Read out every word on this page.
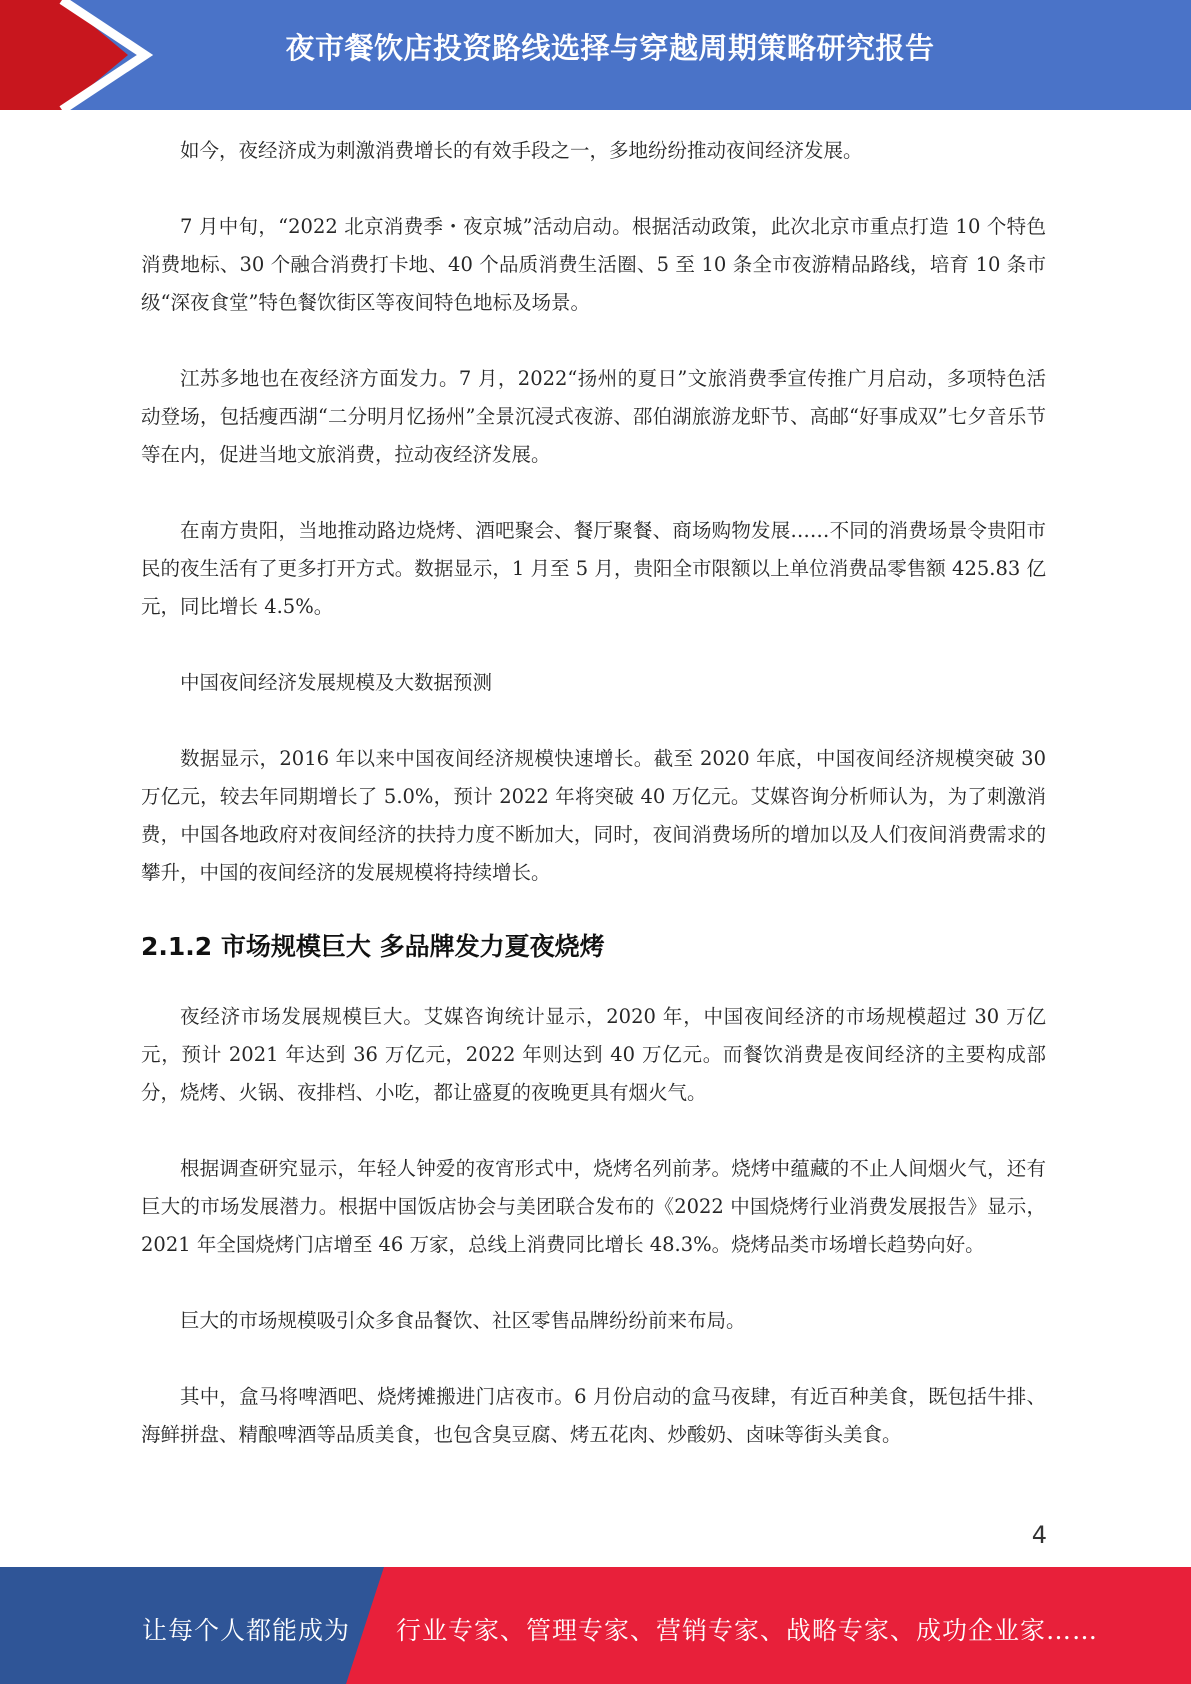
夜市餐饮店投资路线选择与穿越周期策略研究报告

如今，夜经济成为刺激消费增长的有效手段之一，多地纷纷推动夜间经济发展。

7 月中旬，“2022 北京消费季・夜京城”活动启动。根据活动政策，此次北京市重点打造 10 个特色消费地标、30 个融合消费打卡地、40 个品质消费生活圈、5 至 10 条全市夜游精品路线，培育 10 条市级“深夜食堂”特色餐饮街区等夜间特色地标及场景。

江苏多地也在夜经济方面发力。7 月，2022“扬州的夏日”文旅消费季宣传推广月启动，多项特色活动登场，包括瘦西湖“二分明月忆扬州”全景沉浸式夜游、邵伯湖旅游龙虾节、高邮“好事成双”七夕音乐节等在内，促进当地文旅消费，拉动夜经济发展。

在南方贵阳，当地推动路边烧烤、酒吧聚会、餐厅聚餐、商场购物发展……不同的消费场景令贵阳市民的夜生活有了更多打开方式。数据显示，1 月至 5 月，贵阳全市限额以上单位消费品零售额 425.83 亿元，同比增长 4.5%。

中国夜间经济发展规模及大数据预测

数据显示，2016 年以来中国夜间经济规模快速增长。截至 2020 年底，中国夜间经济规模突破 30 万亿元，较去年同期增长了 5.0%，预计 2022 年将突破 40 万亿元。艾媒咨询分析师认为，为了刺激消费，中国各地政府对夜间经济的扶持力度不断加大，同时，夜间消费场所的增加以及人们夜间消费需求的攀升，中国的夜间经济的发展规模将持续增长。

2.1.2 市场规模巨大 多品牌发力夏夜烧烤

夜经济市场发展规模巨大。艾媒咨询统计显示，2020 年，中国夜间经济的市场规模超过 30 万亿元，预计 2021 年达到 36 万亿元，2022 年则达到 40 万亿元。而餐饮消费是夜间经济的主要构成部分，烧烤、火锅、夜排档、小吃，都让盛夏的夜晚更具有烟火气。

根据调查研究显示，年轻人钟爱的夜宵形式中，烧烤名列前茅。烧烤中蕴藏的不止人间烟火气，还有巨大的市场发展潜力。根据中国饭店协会与美团联合发布的《2022 中国烧烤行业消费发展报告》显示，2021 年全国烧烤门店增至 46 万家，总线上消费同比增长 48.3%。烧烤品类市场增长趋势向好。

巨大的市场规模吸引众多食品餐饮、社区零售品牌纷纷前来布局。

其中，盒马将啤酒吧、烧烤摊搬进门店夜市。6 月份启动的盒马夜肆，有近百种美食，既包括牛排、海鲜拼盘、精酿啤酒等品质美食，也包含臭豆腐、烤五花肉、炒酸奶、卤味等街头美食。

4
让每个人都能成为 行业专家、管理专家、营销专家、战略专家、成功企业家……
